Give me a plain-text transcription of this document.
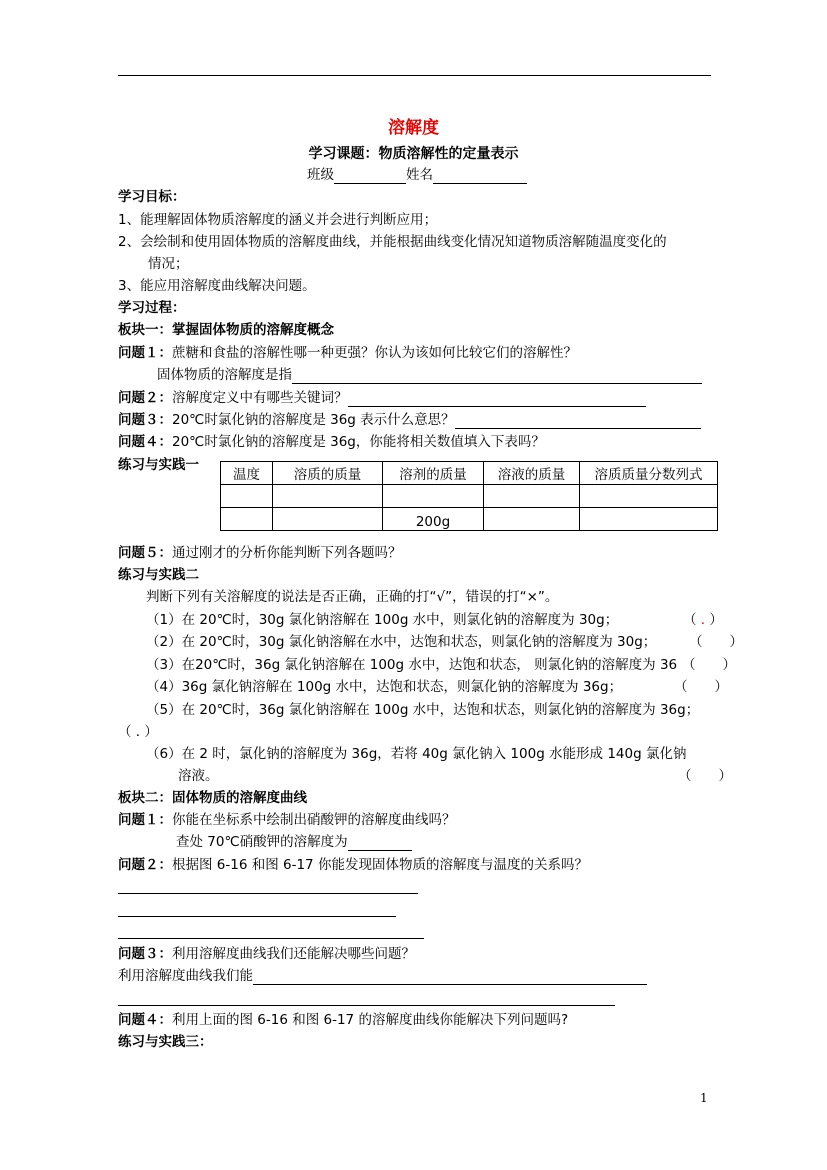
溶解度
学习课题：物质溶解性的定量表示
班级	姓名
学习目标：
1、能理解固体物质溶解度的涵义并会进行判断应用；
2、会绘制和使用固体物质的溶解度曲线，并能根据曲线变化情况知道物质溶解随温度变化的
情况；
3、能应用溶解度曲线解决问题。
学习过程：
板块一：掌握固体物质的溶解度概念
问题１：蔗糖和食盐的溶解性哪一种更强？你认为该如何比较它们的溶解性？
固体物质的溶解度是指
问题２：溶解度定义中有哪些关键词？
问题３：20℃时氯化钠的溶解度是 36g 表示什么意思？
问题４：20℃时氯化钠的溶解度是 36g，你能将相关数值填入下表吗？
练习与实践一
温度	溶质的质量	溶剂的质量	溶液的质量	溶质质量分数列式

		200g		
问题５：通过刚才的分析你能判断下列各题吗？
练习与实践二
判断下列有关溶解度的说法是否正确，正确的打“√”，错误的打“×”。
（1）在 20℃时，30g 氯化钠溶解在 100g 水中，则氯化钠的溶解度为 30g；	（ . ）
（2）在 20℃时，30g 氯化钠溶解在水中，达饱和状态，则氯化钠的溶解度为 30g； （　　）
（3）在20℃时，36g 氯化钠溶解在 100g 水中，达饱和状态， 则氯化钠的溶解度为 36 （　　）
（4）36g 氯化钠溶解在 100g 水中，达饱和状态，则氯化钠的溶解度为 36g；	（　　）
（5）在 20℃时，36g 氯化钠溶解在 100g 水中，达饱和状态，则氯化钠的溶解度为 36g；
（ . ）
（6）在 2 时，氯化钠的溶解度为 36g，若将 40g 氯化钠入 100g 水能形成 140g 氯化钠
溶液。	（　　）
板块二：固体物质的溶解度曲线
问题１：你能在坐标系中绘制出硝酸钾的溶解度曲线吗？
查处 70℃硝酸钾的溶解度为
问题２：根据图 6-16 和图 6-17 你能发现固体物质的溶解度与温度的关系吗？
问题３：利用溶解度曲线我们还能解决哪些问题？
利用溶解度曲线我们能
问题４：利用上面的图 6-16 和图 6-17 的溶解度曲线你能解决下列问题吗?
练习与实践三：
1
